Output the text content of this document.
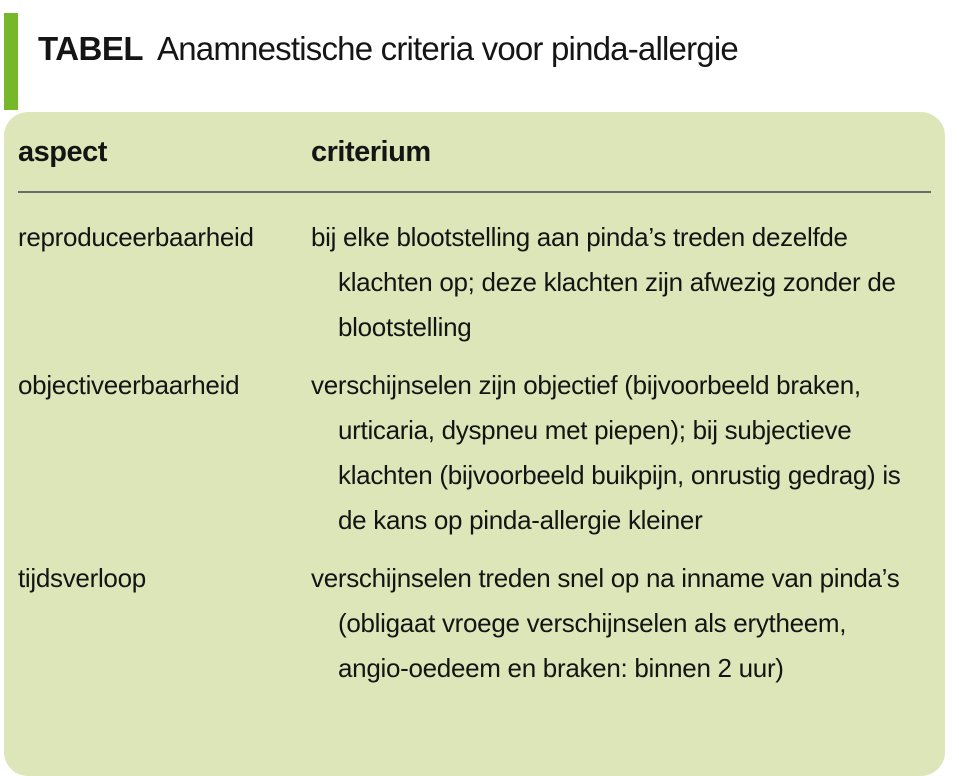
TABEL Anamnestische criteria voor pinda-allergie
aspect	criterium
reproduceerbaarheid	bij elke blootstelling aan pinda’s treden dezelfde
klachten op; deze klachten zijn afwezig zonder de
blootstelling
objectiveerbaarheid	verschijnselen zijn objectief (bijvoorbeeld braken,
urticaria, dyspneu met piepen); bij subjectieve
klachten (bijvoorbeeld buikpijn, onrustig gedrag) is
de kans op pinda-allergie kleiner
tijdsverloop	verschijnselen treden snel op na inname van pinda’s
(obligaat vroege verschijnselen als erytheem,
angio-oedeem en braken: binnen 2 uur)
